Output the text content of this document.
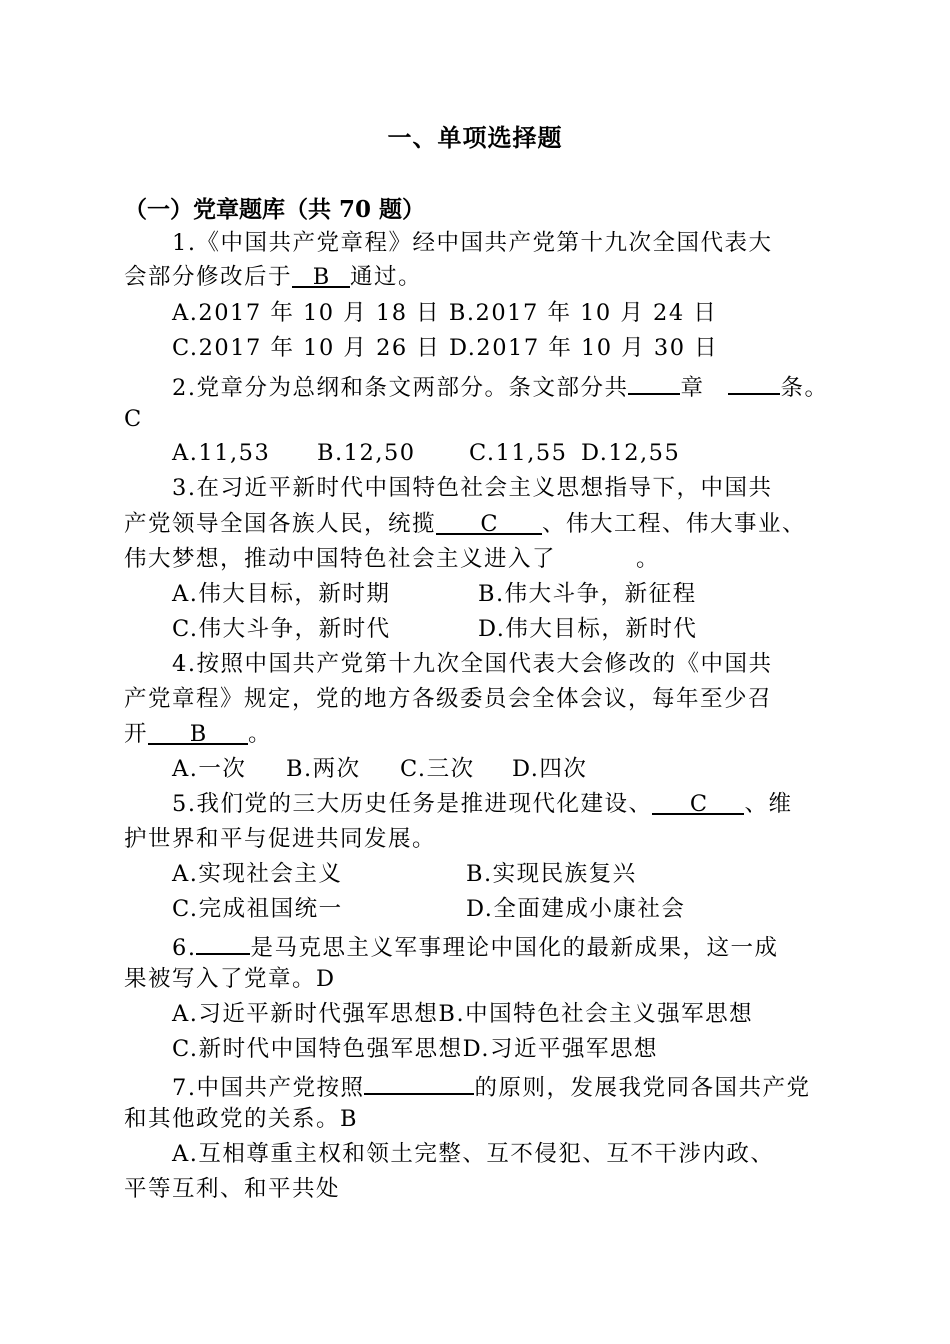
一、单项选择题
（一）党章题库（共 70 题）
1.《中国共产党章程》经中国共产党第十九次全国代表大
会部分修改后于 B 通过。
A.2017 年 10 月 18 日 B.2017 年 10 月 24 日
C.2017 年 10 月 26 日 D.2017 年 10 月 30 日
2.党章分为总纲和条文两部分。条文部分共 章	条。
C
A.11,53 B.12,50 C.11,55 D.12,55
3.在习近平新时代中国特色社会主义思想指导下，中国共
产党领导全国各族人民，统揽 C 、伟大工程、伟大事业、
伟大梦想，推动中国特色社会主义进入了	。
A.伟大目标，新时期	B.伟大斗争，新征程
C.伟大斗争，新时代	D.伟大目标，新时代
4.按照中国共产党第十九次全国代表大会修改的《中国共
产党章程》规定，党的地方各级委员会全体会议，每年至少召
开 B 。
A.一次 B.两次 C.三次 D.四次
5.我们党的三大历史任务是推进现代化建设、 C 、维
护世界和平与促进共同发展。
A.实现社会主义	B.实现民族复兴
C.完成祖国统一	D.全面建成小康社会
6. 是马克思主义军事理论中国化的最新成果，这一成
果被写入了党章。D
A.习近平新时代强军思想B.中国特色社会主义强军思想
C.新时代中国特色强军思想D.习近平强军思想
7.中国共产党按照	的原则，发展我党同各国共产党
和其他政党的关系。B
A.互相尊重主权和领土完整、互不侵犯、互不干涉内政、
平等互利、和平共处
